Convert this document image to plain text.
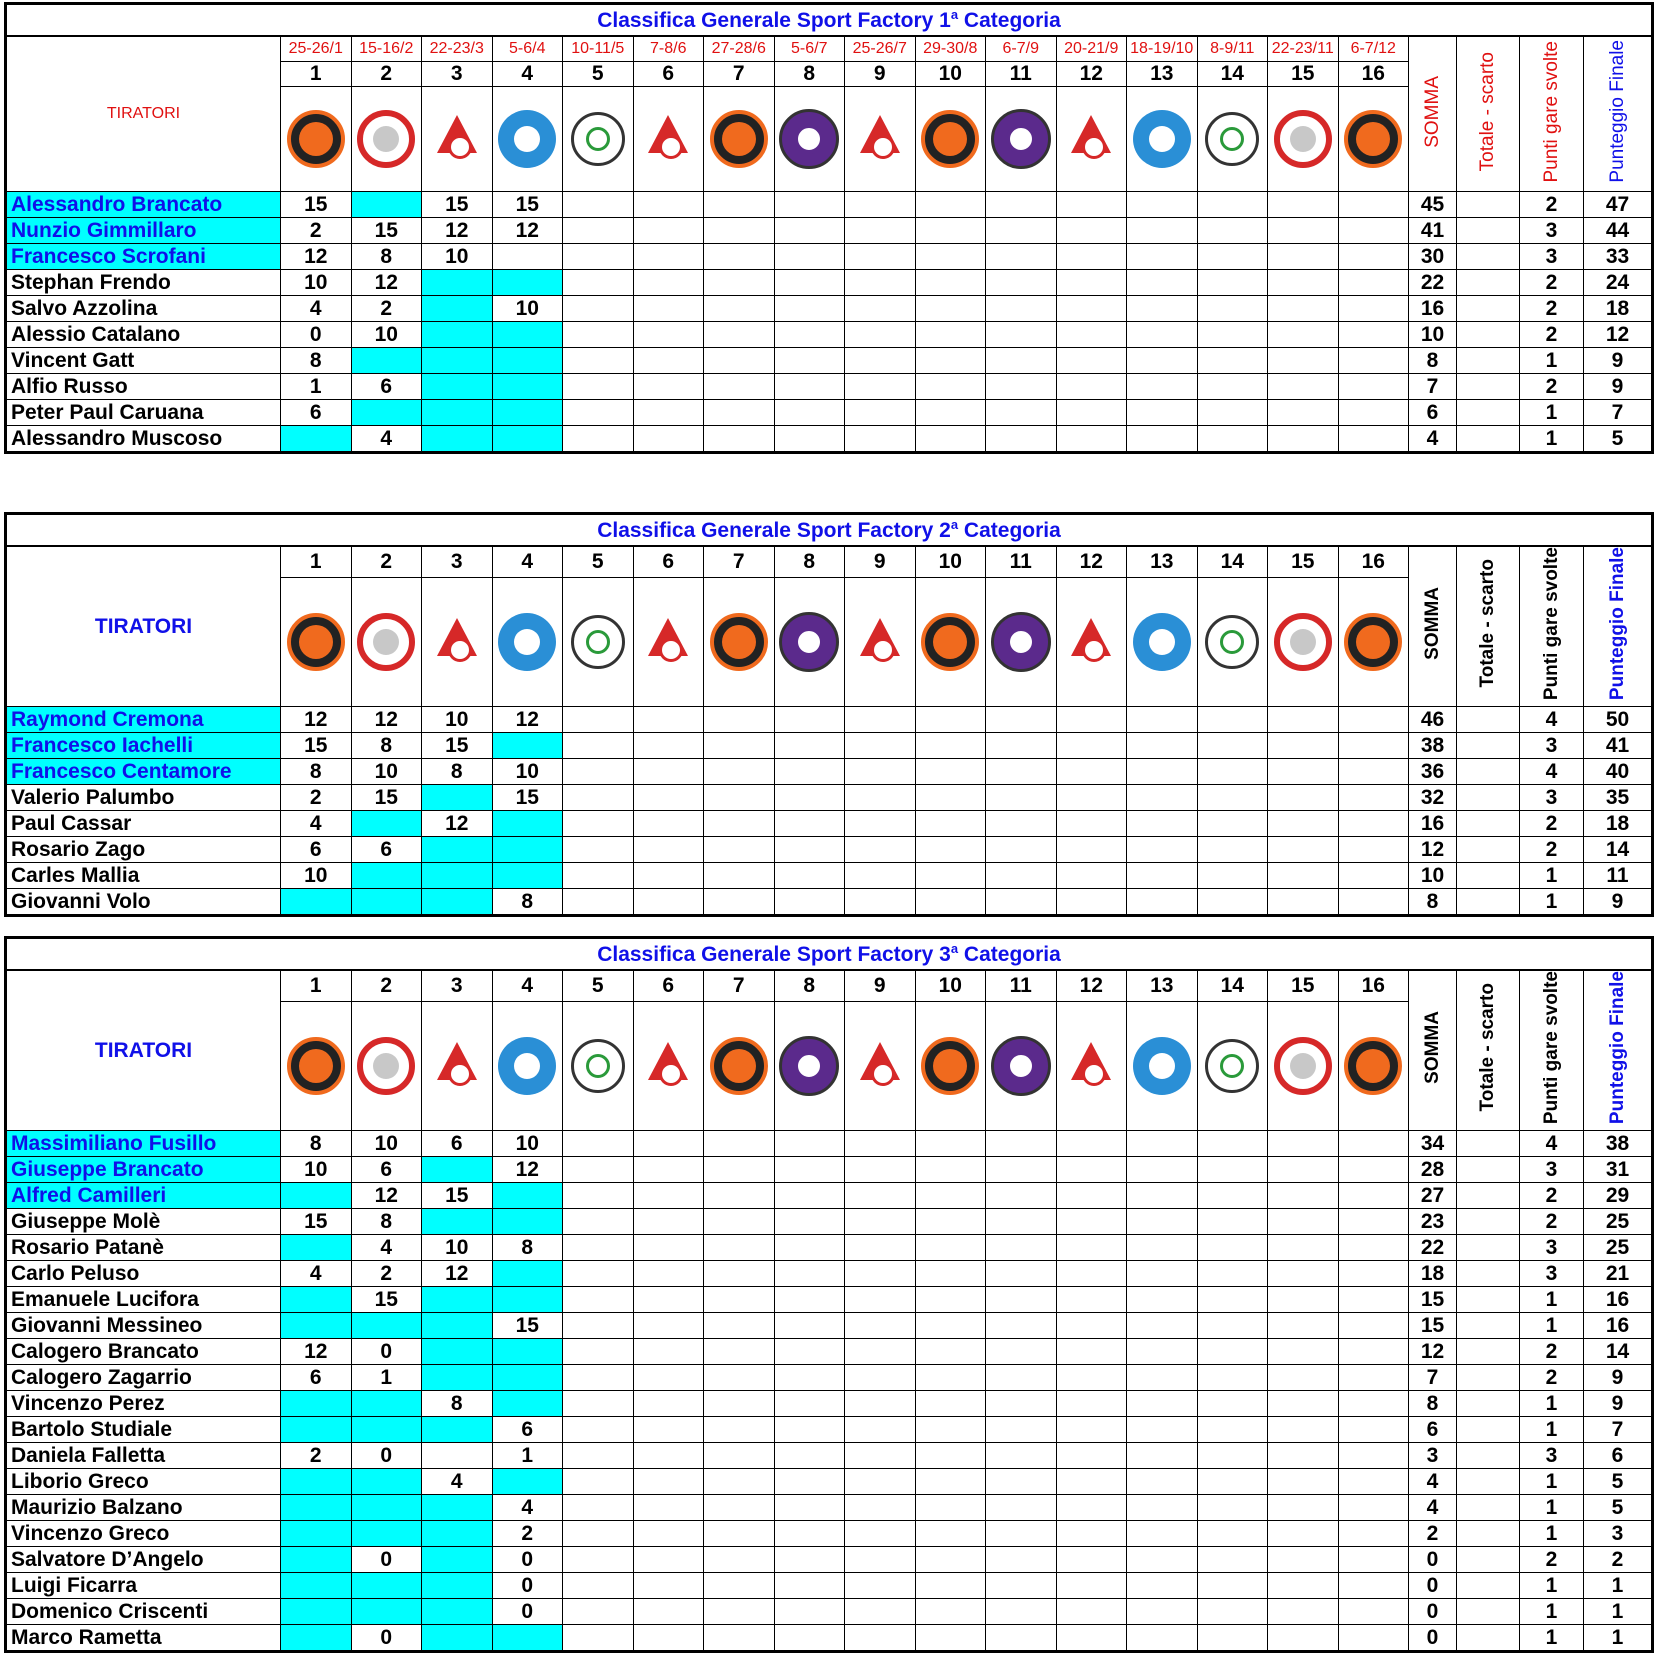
Classifica Generale Sport Factory 1$^a$ Categoria																				
TIRATORI	25-26/1	15-16/2	22-23/3	5-6/4	10-11/5	7-8/6	27-28/6	5-6/7	25-26/7	29-30/8	6-7/9	20-21/9	18-19/10	8-9/11	22-23/11	6-7/12	SOMMA	Totale - scarto	Punti gare svolte	Punteggio Finale
	1	2	3	4	5	6	7	8	9	10	11	12	13	14	15	16				

Alessandro Brancato	15		15	15													45		2	47
Nunzio Gimmillaro	2	15	12	12													41		3	44
Francesco Scrofani	12	8	10														30		3	33
Stephan Frendo	10	12															22		2	24
Salvo Azzolina	4	2		10													16		2	18
Alessio Catalano	0	10															10		2	12
Vincent Gatt	8																8		1	9
Alfio Russo	1	6															7		2	9
Peter Paul Caruana	6																6		1	7
Alessandro Muscoso		4															4		1	5
Classifica Generale Sport Factory 2$^a$ Categoria																				
TIRATORI	1	2	3	4	5	6	7	8	9	10	11	12	13	14	15	16	SOMMA	Totale - scarto	Punti gare svolte	Punteggio Finale

Raymond Cremona	12	12	10	12													46		4	50
Francesco Iachelli	15	8	15														38		3	41
Francesco Centamore	8	10	8	10													36		4	40
Valerio Palumbo	2	15		15													32		3	35
Paul Cassar	4		12														16		2	18
Rosario Zago	6	6															12		2	14
Carles Mallia	10																10		1	11
Giovanni Volo				8													8		1	9
Classifica Generale Sport Factory 3$^a$ Categoria																				
TIRATORI	1	2	3	4	5	6	7	8	9	10	11	12	13	14	15	16	SOMMA	Totale - scarto	Punti gare svolte	Punteggio Finale

Massimiliano Fusillo	8	10	6	10													34		4	38
Giuseppe Brancato	10	6		12													28		3	31
Alfred Camilleri		12	15														27		2	29
Giuseppe Molè	15	8															23		2	25
Rosario Patanè		4	10	8													22		3	25
Carlo Peluso	4	2	12														18		3	21
Emanuele Lucifora		15															15		1	16
Giovanni Messineo				15													15		1	16
Calogero Brancato	12	0															12		2	14
Calogero Zagarrio	6	1															7		2	9
Vincenzo Perez			8														8		1	9
Bartolo Studiale				6													6		1	7
Daniela Falletta	2	0		1													3		3	6
Liborio Greco			4														4		1	5
Maurizio Balzano				4													4		1	5
Vincenzo Greco				2													2		1	3
Salvatore D’Angelo		0		0													0		2	2
Luigi Ficarra				0													0		1	1
Domenico Criscenti				0													0		1	1
Marco Rametta		0															0		1	1
